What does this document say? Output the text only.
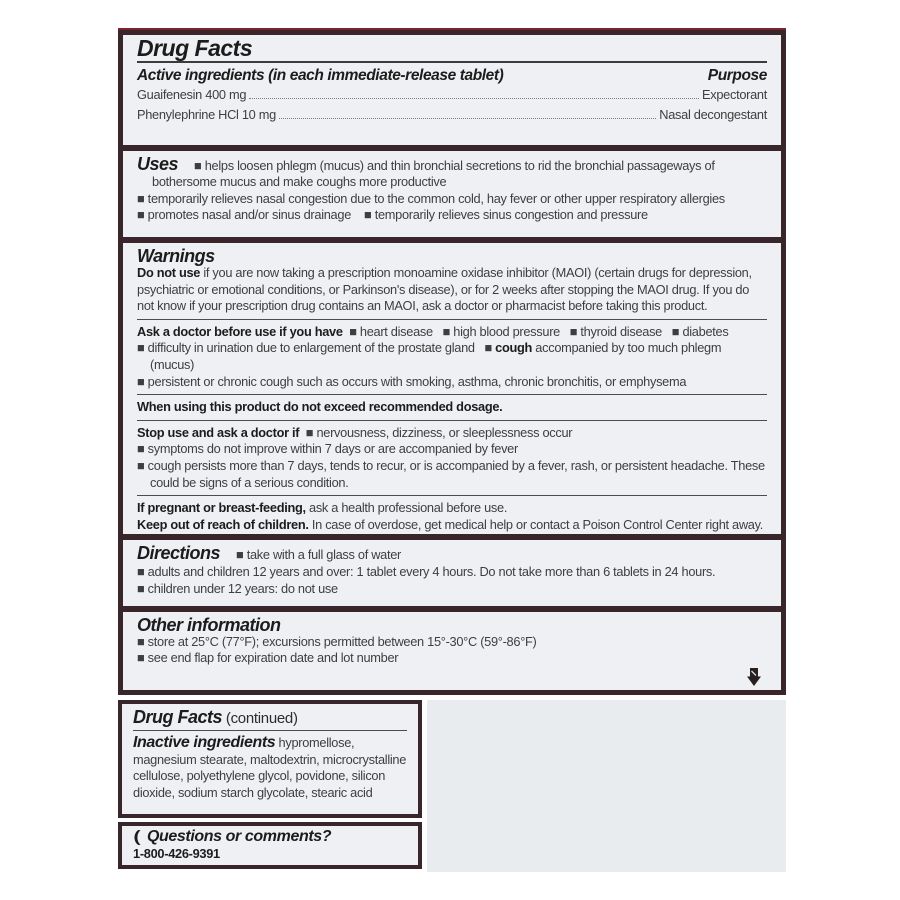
Drug Facts
Active ingredients (in each immediate-release tablet)	Purpose
Guaifenesin 400 mg	Expectorant
Phenylephrine HCl 10 mg	Nasal decongestant
Uses ■ helps loosen phlegm (mucus) and thin bronchial secretions to rid the bronchial passageways of bothersome mucus and make coughs more productive
■ temporarily relieves nasal congestion due to the common cold, hay fever or other upper respiratory allergies
■ promotes nasal and/or sinus drainage    ■ temporarily relieves sinus congestion and pressure
Warnings
Do not use if you are now taking a prescription monoamine oxidase inhibitor (MAOI) (certain drugs for depression, psychiatric or emotional conditions, or Parkinson's disease), or for 2 weeks after stopping the MAOI drug. If you do not know if your prescription drug contains an MAOI, ask a doctor or pharmacist before taking this product.
Ask a doctor before use if you have  ■ heart disease   ■ high blood pressure   ■ thyroid disease   ■ diabetes
■ difficulty in urination due to enlargement of the prostate gland   ■ cough accompanied by too much phlegm (mucus)
■ persistent or chronic cough such as occurs with smoking, asthma, chronic bronchitis, or emphysema
When using this product do not exceed recommended dosage.
Stop use and ask a doctor if  ■ nervousness, dizziness, or sleeplessness occur
■ symptoms do not improve within 7 days or are accompanied by fever
■ cough persists more than 7 days, tends to recur, or is accompanied by a fever, rash, or persistent headache. These could be signs of a serious condition.
If pregnant or breast-feeding, ask a health professional before use.
Keep out of reach of children. In case of overdose, get medical help or contact a Poison Control Center right away.
Directions ■ take with a full glass of water
■ adults and children 12 years and over: 1 tablet every 4 hours. Do not take more than 6 tablets in 24 hours.
■ children under 12 years: do not use
Other information
■ store at 25°C (77°F); excursions permitted between 15°-30°C (59°-86°F)
■ see end flap for expiration date and lot number
Drug Facts (continued)
Inactive ingredients hypromellose, magnesium stearate, maltodextrin, microcrystalline cellulose, polyethylene glycol, povidone, silicon dioxide, sodium starch glycolate, stearic acid
Questions or comments?
1-800-426-9391
